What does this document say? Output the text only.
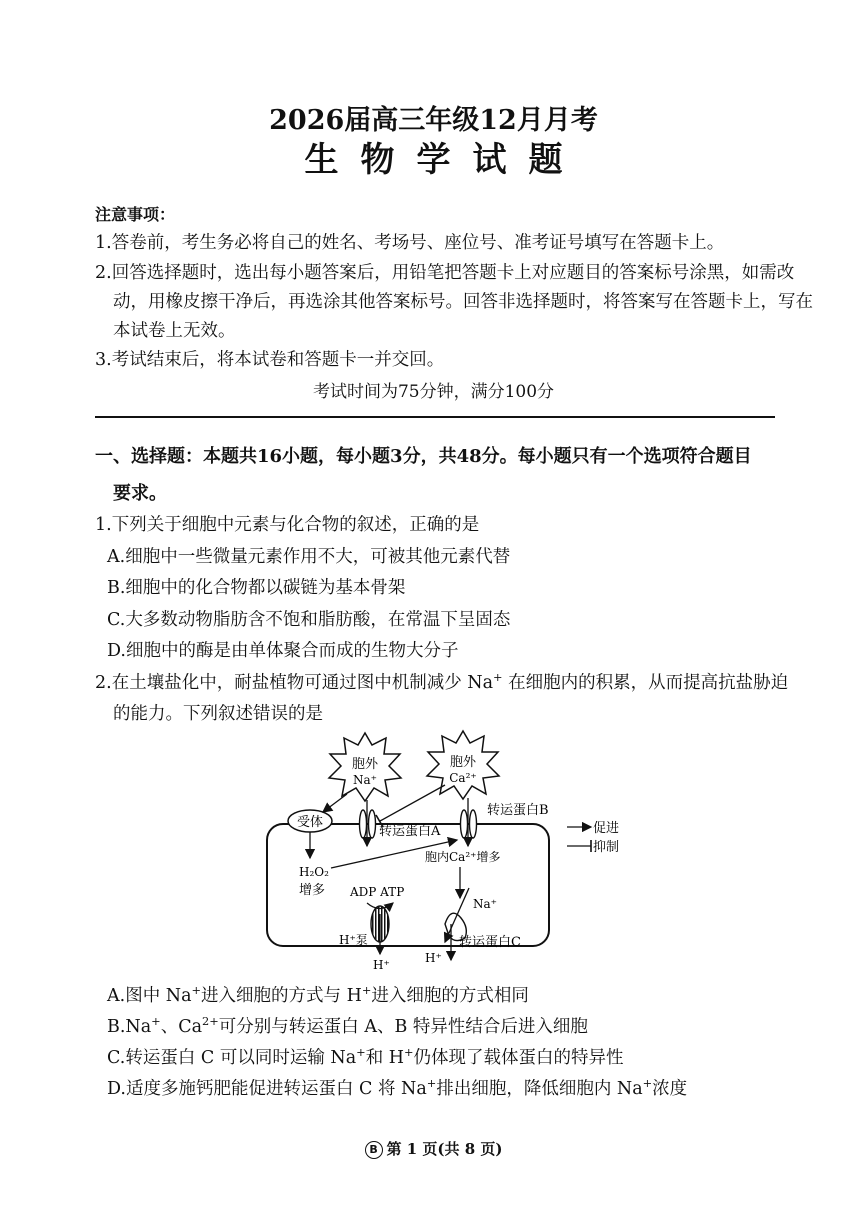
2026届高三年级12月月考
生物学试题
注意事项：
1.答卷前，考生务必将自己的姓名、考场号、座位号、准考证号填写在答题卡上。
2.回答选择题时，选出每小题答案后，用铅笔把答题卡上对应题目的答案标号涂黑，如需改
动，用橡皮擦干净后，再选涂其他答案标号。回答非选择题时，将答案写在答题卡上，写在
本试卷上无效。
3.考试结束后，将本试卷和答题卡一并交回。
考试时间为75分钟，满分100分
一、选择题：本题共16小题，每小题3分，共48分。每小题只有一个选项符合题目
要求。
1.下列关于细胞中元素与化合物的叙述，正确的是
A.细胞中一些微量元素作用不大，可被其他元素代替
B.细胞中的化合物都以碳链为基本骨架
C.大多数动物脂肪含不饱和脂肪酸，在常温下呈固态
D.细胞中的酶是由单体聚合而成的生物大分子
2.在土壤盐化中，耐盐植物可通过图中机制减少 Na+ 在细胞内的积累，从而提高抗盐胁迫
的能力。下列叙述错误的是
胞外
Na⁺
胞外
Ca²⁺
受体
转运蛋白A
转运蛋白B
H₂O₂
增多
胞内Ca²⁺增多
ADP ATP
H⁺泵
H⁺
Na⁺
转运蛋白C
H⁺
促进
抑制
A.图中 Na+进入细胞的方式与 H+进入细胞的方式相同
B.Na+、$Ca^{2+}$可分别与转运蛋白 A、B 特异性结合后进入细胞
C.转运蛋白 C 可以同时运输 Na+和 H+仍体现了载体蛋白的特异性
D.适度多施钙肥能促进转运蛋白 C 将 Na+排出细胞，降低细胞内 Na+浓度
B 第 1 页(共 8 页)
